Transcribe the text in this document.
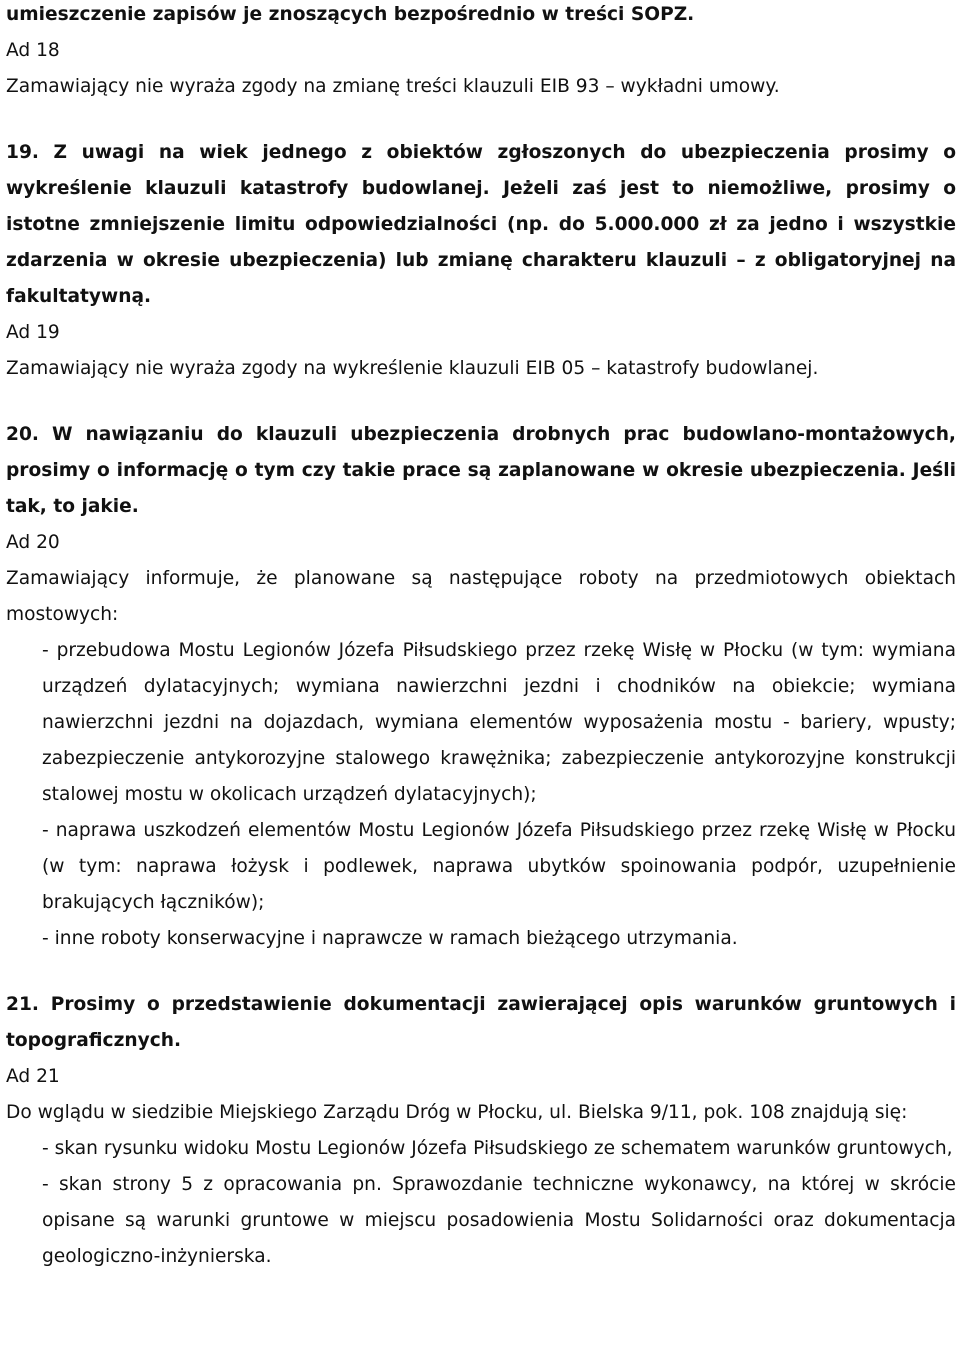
umieszczenie zapisów je znoszących bezpośrednio w treści SOPZ.

Ad 18

Zamawiający nie wyraża zgody na zmianę treści klauzuli EIB 93 – wykładni umowy.

19. Z uwagi na wiek jednego z obiektów zgłoszonych do ubezpieczenia prosimy o wykreślenie klauzuli katastrofy budowlanej. Jeżeli zaś jest to niemożliwe, prosimy o istotne zmniejszenie limitu odpowiedzialności (np. do 5.000.000 zł za jedno i wszystkie zdarzenia w okresie ubezpieczenia) lub zmianę charakteru klauzuli – z obligatoryjnej na fakultatywną.

Ad 19

Zamawiający nie wyraża zgody na wykreślenie klauzuli EIB 05 – katastrofy budowlanej.

20. W nawiązaniu do klauzuli ubezpieczenia drobnych prac budowlano-montażowych, prosimy o informację o tym czy takie prace są zaplanowane w okresie ubezpieczenia. Jeśli tak, to jakie.

Ad 20

Zamawiający informuje, że planowane są następujące roboty na przedmiotowych obiektach mostowych:

- przebudowa Mostu Legionów Józefa Piłsudskiego przez rzekę Wisłę w Płocku (w tym: wymiana urządzeń dylatacyjnych; wymiana nawierzchni jezdni i chodników na obiekcie; wymiana nawierzchni jezdni na dojazdach, wymiana elementów wyposażenia mostu - bariery, wpusty; zabezpieczenie antykorozyjne stalowego krawężnika; zabezpieczenie antykorozyjne konstrukcji stalowej mostu w okolicach urządzeń dylatacyjnych);

- naprawa uszkodzeń elementów Mostu Legionów Józefa Piłsudskiego przez rzekę Wisłę w Płocku (w tym: naprawa łożysk i podlewek, naprawa ubytków spoinowania podpór, uzupełnienie brakujących łączników);

- inne roboty konserwacyjne i naprawcze w ramach bieżącego utrzymania.

21. Prosimy o przedstawienie dokumentacji zawierającej opis warunków gruntowych i topograficznych.

Ad 21

Do wglądu w siedzibie Miejskiego Zarządu Dróg w Płocku, ul. Bielska 9/11, pok. 108 znajdują się:

- skan rysunku widoku Mostu Legionów Józefa Piłsudskiego ze schematem warunków gruntowych,

- skan strony 5 z opracowania pn. Sprawozdanie techniczne wykonawcy, na której w skrócie opisane są warunki gruntowe w miejscu posadowienia Mostu Solidarności oraz dokumentacja geologiczno-inżynierska.
